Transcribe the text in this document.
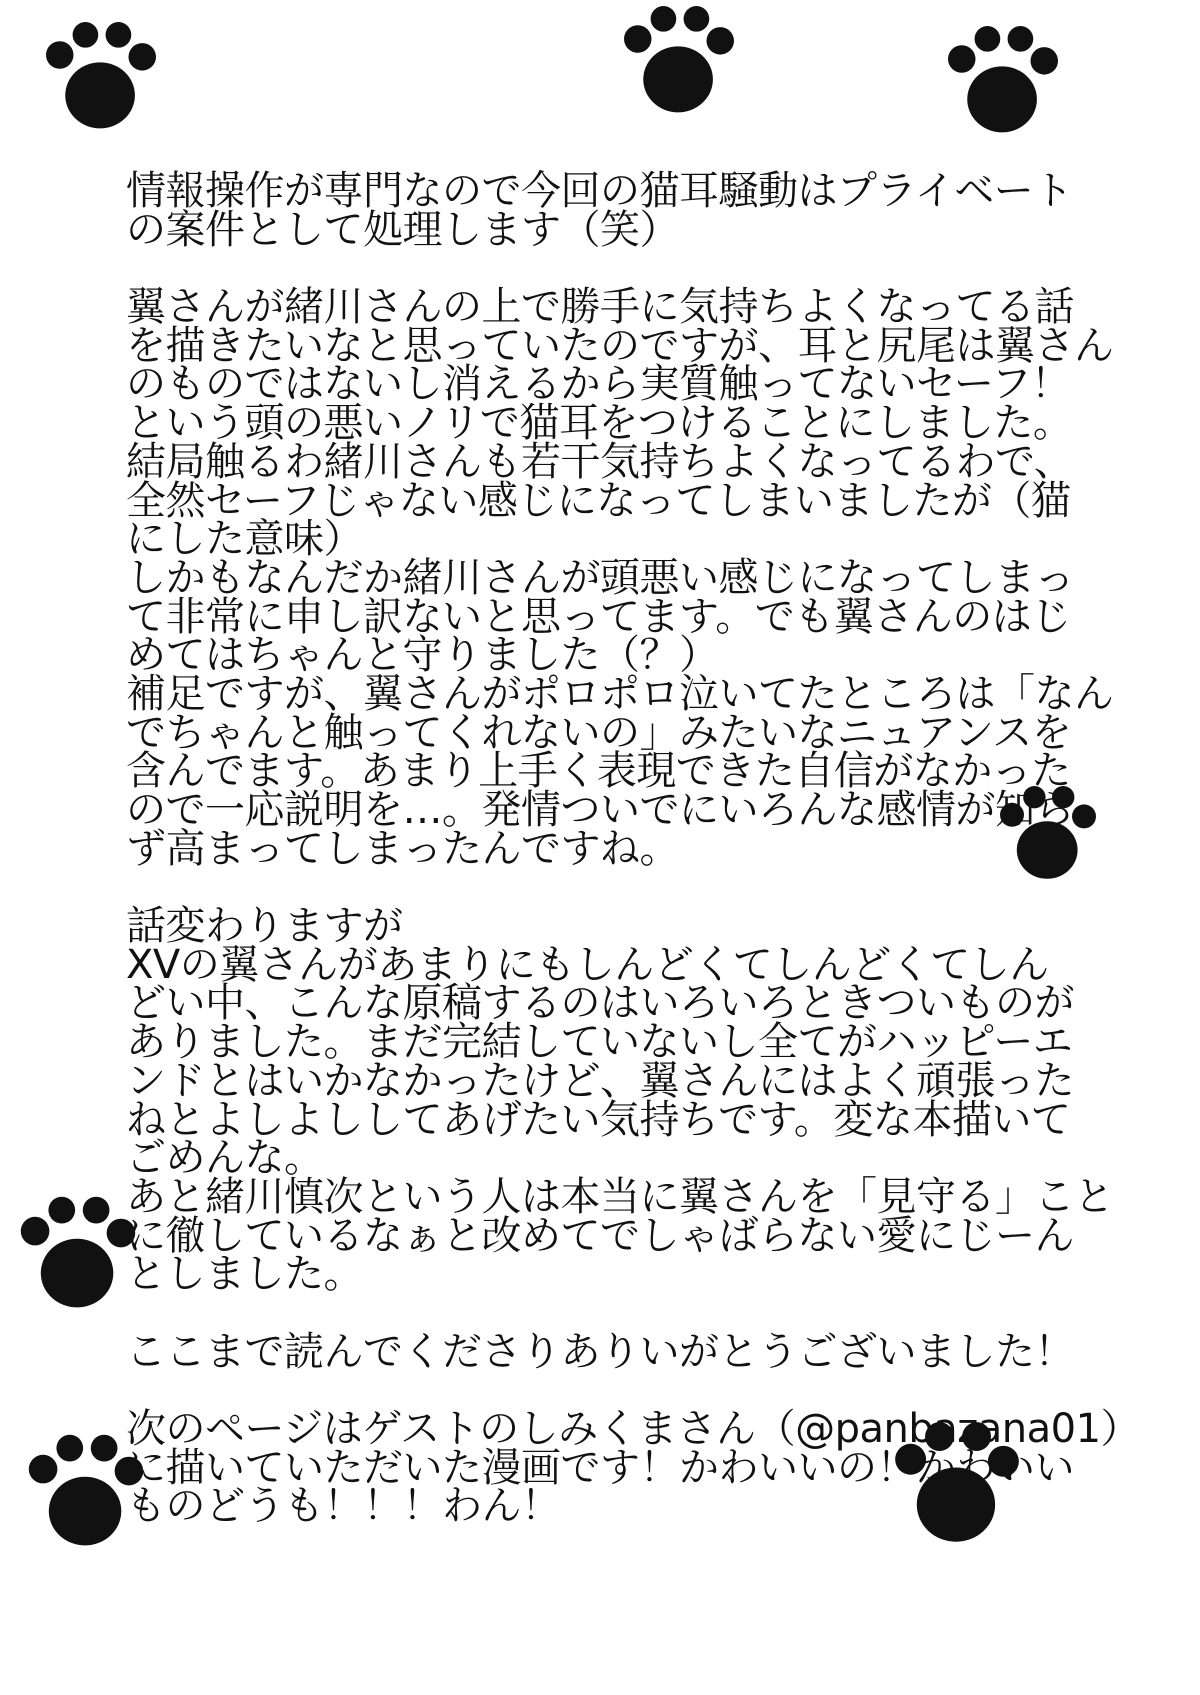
情報操作が専門なので今回の猫耳騒動はプライベート
の案件として処理します（笑）
翼さんが緒川さんの上で勝手に気持ちよくなってる話
を描きたいなと思っていたのですが、耳と尻尾は翼さん
のものではないし消えるから実質触ってないセーフ！
という頭の悪いノリで猫耳をつけることにしました。
結局触るわ緒川さんも若干気持ちよくなってるわで、
全然セーフじゃない感じになってしまいましたが（猫
にした意味）
しかもなんだか緒川さんが頭悪い感じになってしまっ
て非常に申し訳ないと思ってます。でも翼さんのはじ
めてはちゃんと守りました（？）
補足ですが、翼さんがポロポロ泣いてたところは「なん
でちゃんと触ってくれないの」みたいなニュアンスを
含んでます。あまり上手く表現できた自信がなかった
ので一応説明を…。発情ついでにいろんな感情が知ら
ず高まってしまったんですね。
話変わりますが
XVの翼さんがあまりにもしんどくてしんどくてしん
どい中、こんな原稿するのはいろいろときついものが
ありました。まだ完結していないし全てがハッピーエ
ンドとはいかなかったけど、翼さんにはよく頑張った
ねとよしよししてあげたい気持ちです。変な本描いて
ごめんな。
あと緒川慎次という人は本当に翼さんを「見守る」こと
に徹しているなぁと改めてでしゃばらない愛にじーん
としました。
ここまで読んでくださりありいがとうございました！
次のページはゲストのしみくまさん（@panbazana01）
に描いていただいた漫画です！かわいいの！かわいい
ものどうも！！！わん！
